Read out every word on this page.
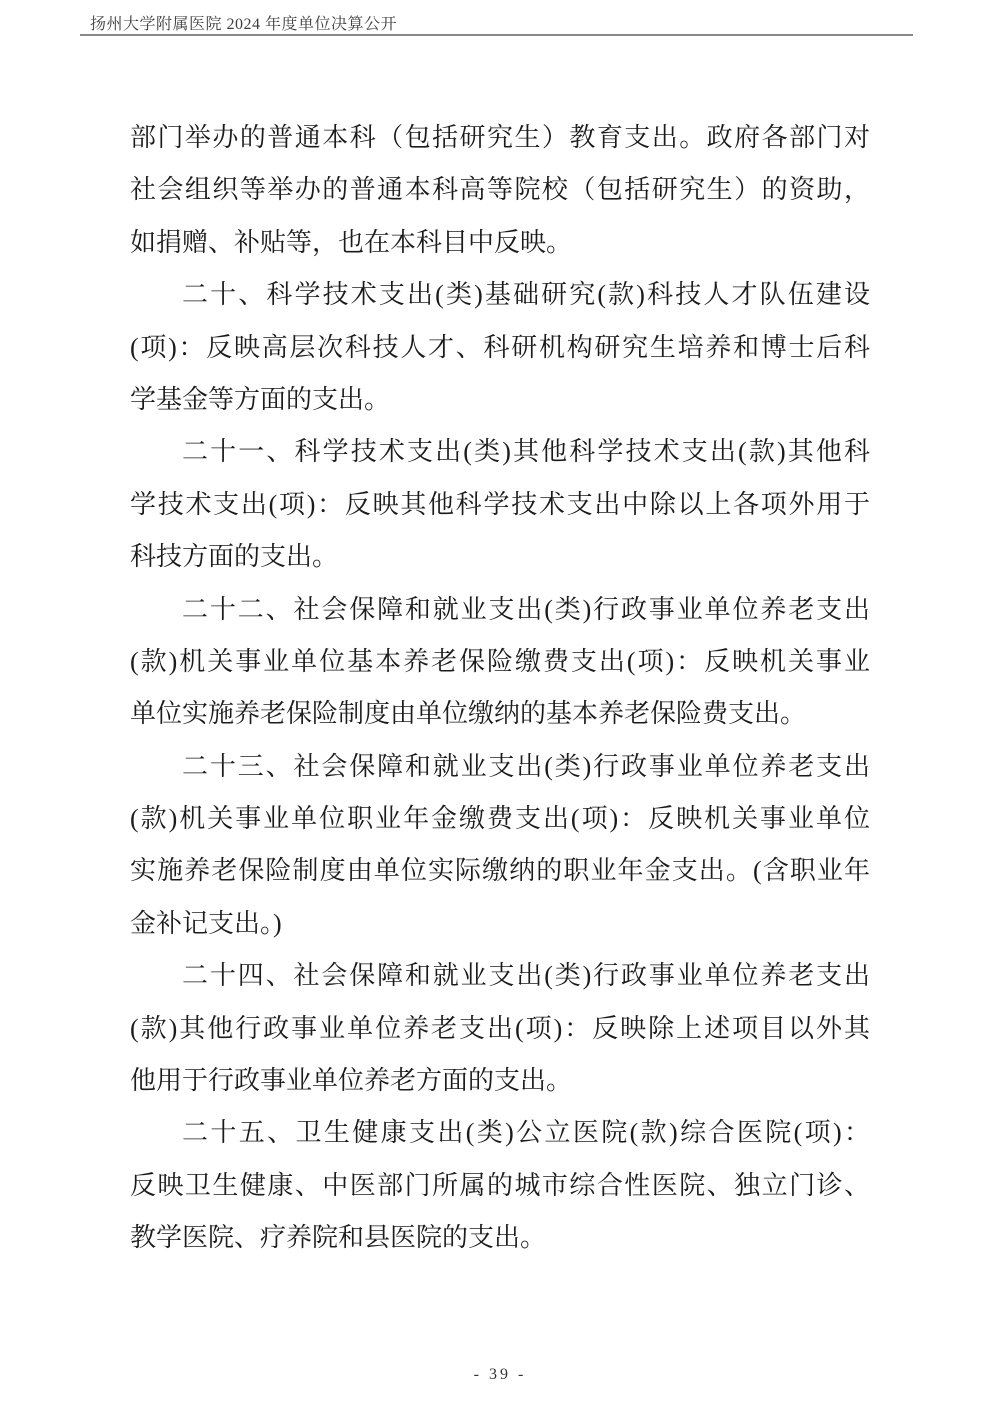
扬州大学附属医院 2024 年度单位决算公开
部门举办的普通本科（包括研究生）教育支出。政府各部门对
社会组织等举办的普通本科高等院校（包括研究生）的资助，
如捐赠、补贴等，也在本科目中反映。
二十、科学技术支出(类)基础研究(款)科技人才队伍建设
(项)：反映高层次科技人才、科研机构研究生培养和博士后科
学基金等方面的支出。
二十一、科学技术支出(类)其他科学技术支出(款)其他科
学技术支出(项)：反映其他科学技术支出中除以上各项外用于
科技方面的支出。
二十二、社会保障和就业支出(类)行政事业单位养老支出
(款)机关事业单位基本养老保险缴费支出(项)：反映机关事业
单位实施养老保险制度由单位缴纳的基本养老保险费支出。
二十三、社会保障和就业支出(类)行政事业单位养老支出
(款)机关事业单位职业年金缴费支出(项)：反映机关事业单位
实施养老保险制度由单位实际缴纳的职业年金支出。(含职业年
金补记支出。)
二十四、社会保障和就业支出(类)行政事业单位养老支出
(款)其他行政事业单位养老支出(项)：反映除上述项目以外其
他用于行政事业单位养老方面的支出。
二十五、卫生健康支出(类)公立医院(款)综合医院(项)：
反映卫生健康、中医部门所属的城市综合性医院、独立门诊、
教学医院、疗养院和县医院的支出。
- 39 -
